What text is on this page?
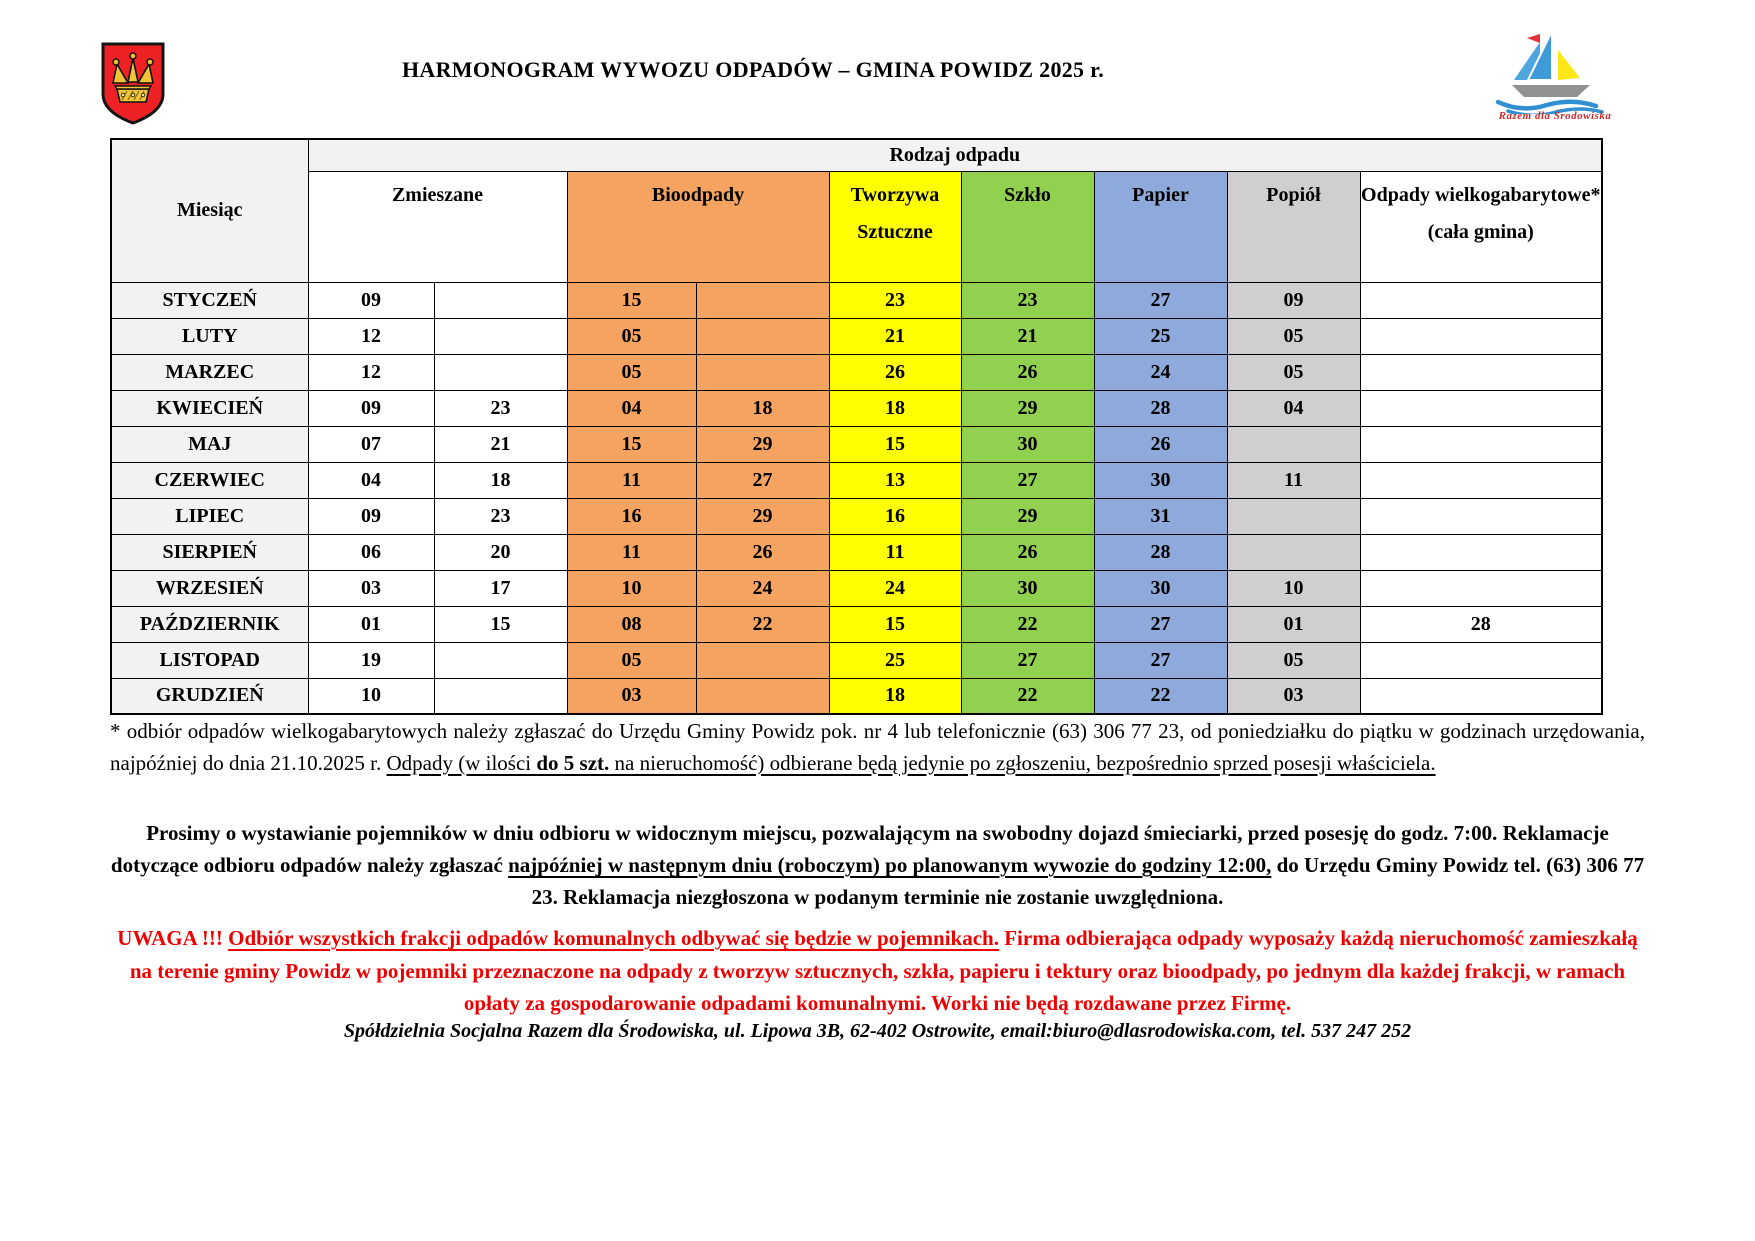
HARMONOGRAM WYWOZU ODPADÓW – GMINA POWIDZ 2025 r.
Razem dla Środowiska
Miesiąc	Rodzaj odpadu								
	Zmieszane		Bioodpady		Tworzywa Sztuczne	Szkło	Papier	Popiół	Odpady wielkogabarytowe* (cała gmina)
STYCZEŃ	09		15		23	23	27	09	
LUTY	12		05		21	21	25	05	
MARZEC	12		05		26	26	24	05	
KWIECIEŃ	09	23	04	18	18	29	28	04	
MAJ	07	21	15	29	15	30	26		
CZERWIEC	04	18	11	27	13	27	30	11	
LIPIEC	09	23	16	29	16	29	31		
SIERPIEŃ	06	20	11	26	11	26	28		
WRZESIEŃ	03	17	10	24	24	30	30	10	
PAŹDZIERNIK	01	15	08	22	15	22	27	01	28
LISTOPAD	19		05		25	27	27	05	
GRUDZIEŃ	10		03		18	22	22	03	

* odbiór odpadów wielkogabarytowych należy zgłaszać do Urzędu Gminy Powidz pok. nr 4 lub telefonicznie (63) 306 77 23, od poniedziałku do piątku w godzinach urzędowania, najpóźniej do dnia 21.10.2025 r. Odpady (w ilości do 5 szt. na nieruchomość) odbierane będą jedynie po zgłoszeniu, bezpośrednio sprzed posesji właściciela.

Prosimy o wystawianie pojemników w dniu odbioru w widocznym miejscu, pozwalającym na swobodny dojazd śmieciarki, przed posesję do godz. 7:00. Reklamacje dotyczące odbioru odpadów należy zgłaszać najpóźniej w następnym dniu (roboczym) po planowanym wywozie do godziny 12:00, do Urzędu Gminy Powidz tel. (63) 306 77 23. Reklamacja niezgłoszona w podanym terminie nie zostanie uwzględniona.

UWAGA !!! Odbiór wszystkich frakcji odpadów komunalnych odbywać się będzie w pojemnikach. Firma odbierająca odpady wyposaży każdą nieruchomość zamieszkałą na terenie gminy Powidz w pojemniki przeznaczone na odpady z tworzyw sztucznych, szkła, papieru i tektury oraz bioodpady, po jednym dla każdej frakcji, w ramach opłaty za gospodarowanie odpadami komunalnymi. Worki nie będą rozdawane przez Firmę.

Spółdzielnia Socjalna Razem dla Środowiska, ul. Lipowa 3B, 62-402 Ostrowite, email:biuro@dlasrodowiska.com, tel. 537 247 252
